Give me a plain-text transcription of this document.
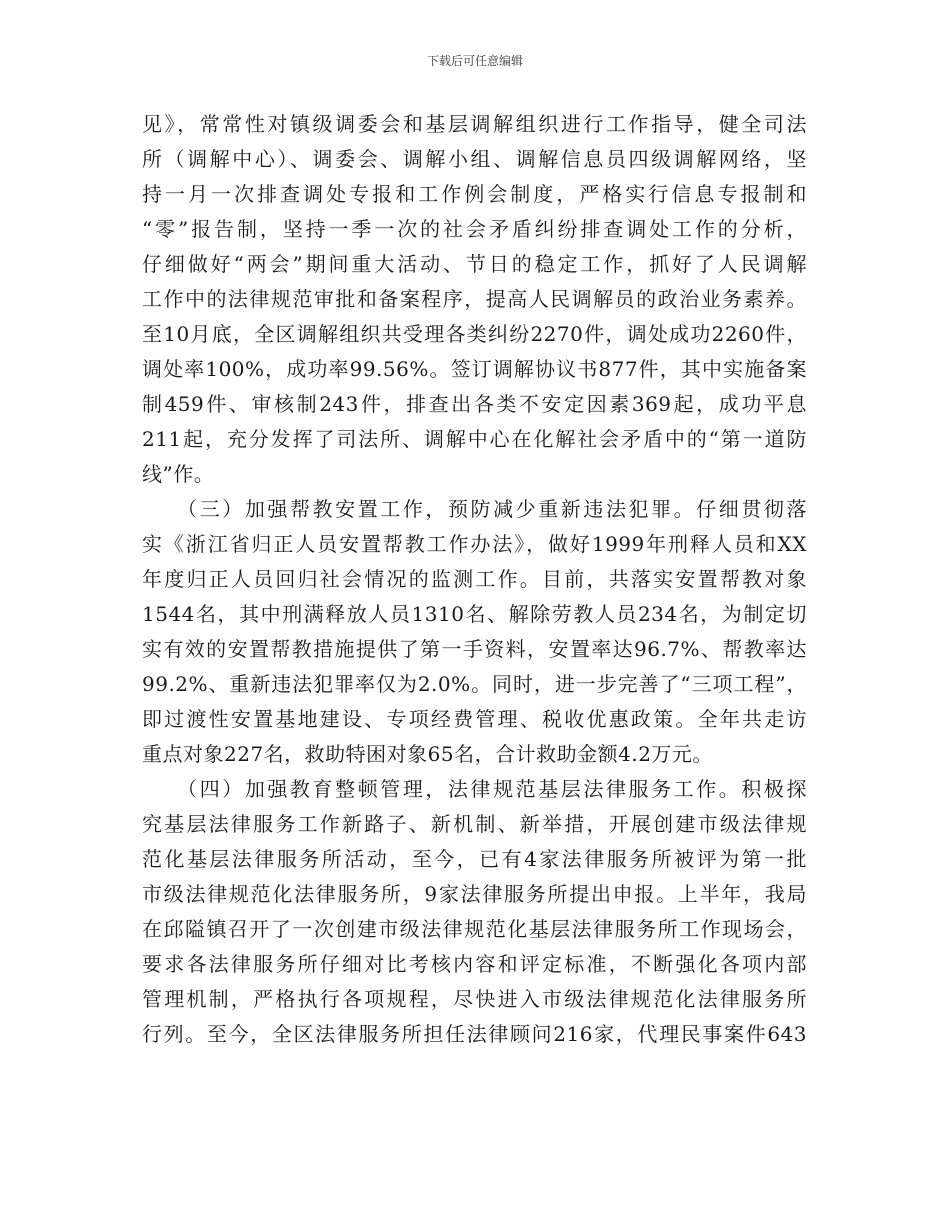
下载后可任意编辑
见》，常常性对镇级调委会和基层调解组织进行工作指导，健全司法
所（调解中心）、调委会、调解小组、调解信息员四级调解网络，坚
持一月一次排查调处专报和工作例会制度，严格实行信息专报制和
“零”报告制，坚持一季一次的社会矛盾纠纷排查调处工作的分析，
仔细做好“两会”期间重大活动、节日的稳定工作，抓好了人民调解
工作中的法律规范审批和备案程序，提高人民调解员的政治业务素养。
至10月底，全区调解组织共受理各类纠纷2270件，调处成功2260件，
调处率100%，成功率99.56%。签订调解协议书877件，其中实施备案
制459件、审核制243件，排查出各类不安定因素369起，成功平息
211起，充分发挥了司法所、调解中心在化解社会矛盾中的“第一道防
线”作。
　　（三）加强帮教安置工作，预防减少重新违法犯罪。仔细贯彻落
实《浙江省归正人员安置帮教工作办法》，做好1999年刑释人员和XX
年度归正人员回归社会情况的监测工作。目前，共落实安置帮教对象
1544名，其中刑满释放人员1310名、解除劳教人员234名，为制定切
实有效的安置帮教措施提供了第一手资料，安置率达96.7%、帮教率达
99.2%、重新违法犯罪率仅为2.0%。同时，进一步完善了“三项工程”，
即过渡性安置基地建设、专项经费管理、税收优惠政策。全年共走访
重点对象227名，救助特困对象65名，合计救助金额4.2万元。
　　（四）加强教育整顿管理，法律规范基层法律服务工作。积极探
究基层法律服务工作新路子、新机制、新举措，开展创建市级法律规
范化基层法律服务所活动，至今，已有4家法律服务所被评为第一批
市级法律规范化法律服务所，9家法律服务所提出申报。上半年，我局
在邱隘镇召开了一次创建市级法律规范化基层法律服务所工作现场会，
要求各法律服务所仔细对比考核内容和评定标准，不断强化各项内部
管理机制，严格执行各项规程，尽快进入市级法律规范化法律服务所
行列。至今，全区法律服务所担任法律顾问216家，代理民事案件643
